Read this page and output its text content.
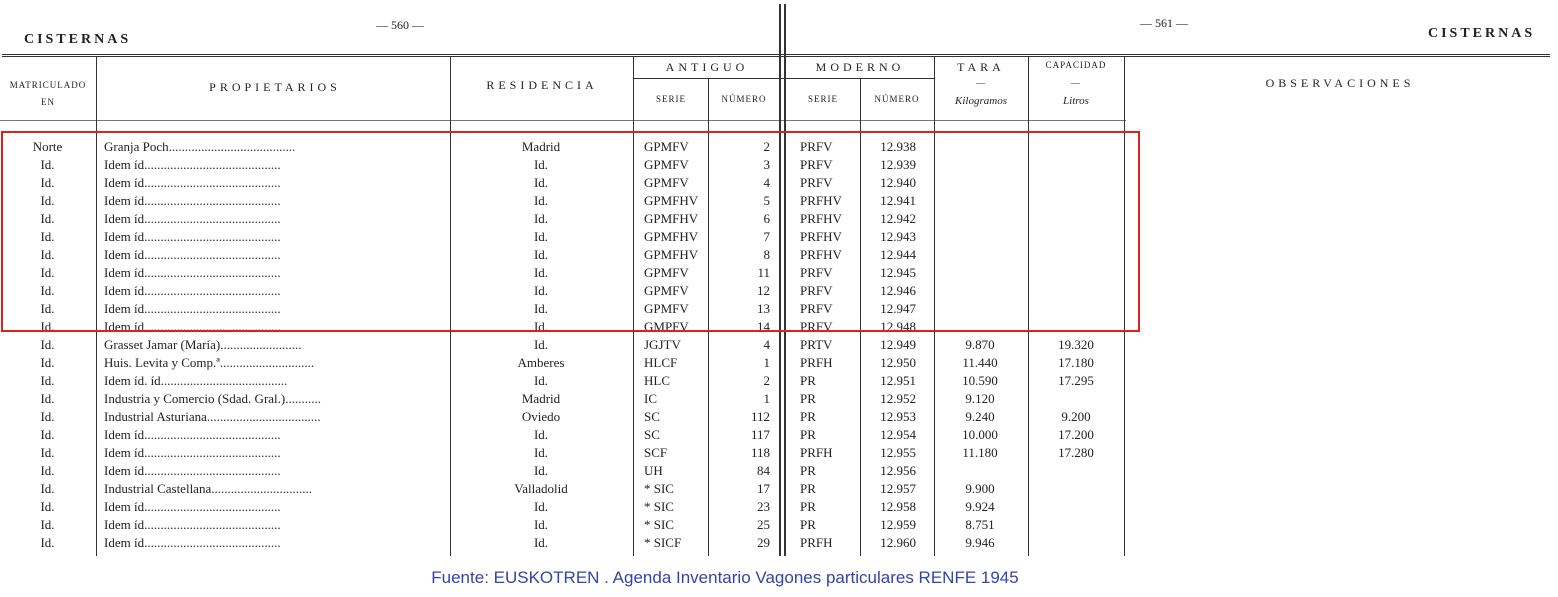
CISTERNAS
— 560 —	— 561 —
CISTERNAS
MATRICULADO
EN
PROPIETARIOS	RESIDENCIA
ANTIGUO
SERIE	NÚMERO
MODERNO
SERIE	NÚMERO
TARA
—
Kilogramos
CAPACIDAD
—
Litros
OBSERVACIONES
Norte	Granja Poch.......................................	Madrid	GPMFV	2	PRFV	12.938
Id.	Idem íd..........................................	Id.	GPMFV	3	PRFV	12.939
Id.	Idem íd..........................................	Id.	GPMFV	4	PRFV	12.940
Id.	Idem íd..........................................	Id.	GPMFHV	5	PRFHV	12.941
Id.	Idem íd..........................................	Id.	GPMFHV	6	PRFHV	12.942
Id.	Idem íd..........................................	Id.	GPMFHV	7	PRFHV	12.943
Id.	Idem íd..........................................	Id.	GPMFHV	8	PRFHV	12.944
Id.	Idem íd..........................................	Id.	GPMFV	11	PRFV	12.945
Id.	Idem íd..........................................	Id.	GPMFV	12	PRFV	12.946
Id.	Idem íd..........................................	Id.	GPMFV	13	PRFV	12.947
Id.	Idem íd..........................................	Id.	GMPFV	14	PRFV	12.948
Id.	Grasset Jamar (María).........................	Id.	JGJTV	4	PRTV	12.949	9.870	19.320
Id.	Huis. Levita y Comp.ª.............................	Amberes	HLCF	1	PRFH	12.950	11.440	17.180
Id.	Idem íd. íd.......................................	Id.	HLC	2	PR	12.951	10.590	17.295
Id.	Industria y Comercio (Sdad. Gral.)...........	Madrid	IC	1	PR	12.952	9.120
Id.	Industrial Asturiana...................................	Oviedo	SC	112	PR	12.953	9.240	9.200
Id.	Idem íd..........................................	Id.	SC	117	PR	12.954	10.000	17.200
Id.	Idem íd..........................................	Id.	SCF	118	PRFH	12.955	11.180	17.280
Id.	Idem íd..........................................	Id.	UH	84	PR	12.956
Id.	Industrial Castellana...............................	Valladolid	* SIC	17	PR	12.957	9.900
Id.	Idem íd..........................................	Id.	* SIC	23	PR	12.958	9.924
Id.	Idem íd..........................................	Id.	* SIC	25	PR	12.959	8.751
Id.	Idem íd..........................................	Id.	* SICF	29	PRFH	12.960	9.946
Fuente: EUSKOTREN . Agenda Inventario Vagones particulares RENFE 1945
